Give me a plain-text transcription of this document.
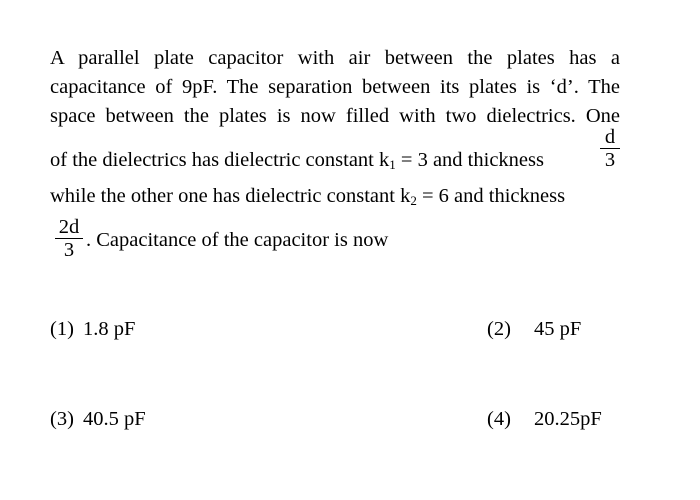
A parallel plate capacitor with air between the plates has a
capacitance of 9pF. The separation between its plates is ‘d’. The
space between the plates is now filled with two dielectrics. One
of the dielectrics has dielectric constant $k_1 = 3$ and thickness
d
3
while the other one has dielectric constant $k_2 = 6$ and thickness
2d
3 . Capacitance of the capacitor is now
(1) 1.8 pF	(2) 45 pF
(3) 40.5 pF	(4) 20.25pF
